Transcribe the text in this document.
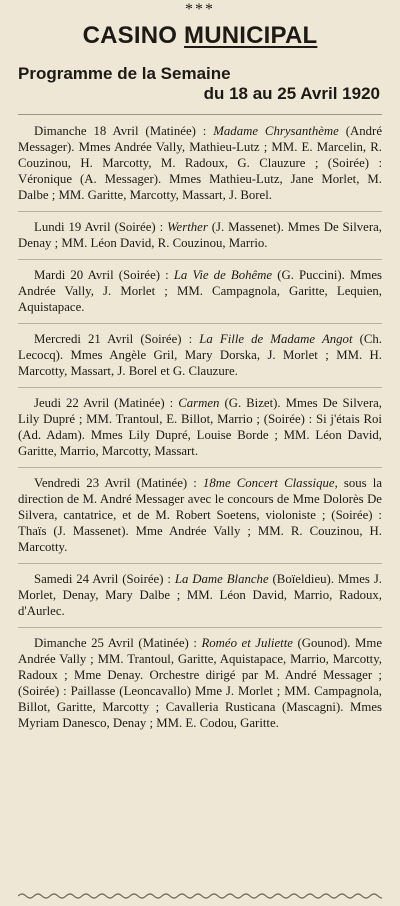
***
CASINO MUNICIPAL
Programme de la Semaine
du 18 au 25 Avril 1920

Dimanche 18 Avril (Matinée) : Madame Chrysanthème (André Messager). Mmes Andrée Vally, Mathieu-Lutz ; MM. E. Marcelin, R. Couzinou, H. Marcotty, M. Radoux, G. Clauzure ; (Soirée) : Véronique (A. Messager). Mmes Mathieu-Lutz, Jane Morlet, M. Dalbe ; MM. Garitte, Marcotty, Massart, J. Borel.

Lundi 19 Avril (Soirée) : Werther (J. Massenet). Mmes De Silvera, Denay ; MM. Léon David, R. Couzinou, Marrio.

Mardi 20 Avril (Soirée) : La Vie de Bohême (G. Puccini). Mmes Andrée Vally, J. Morlet ; MM. Campagnola, Garitte, Lequien, Aquistapace.

Mercredi 21 Avril (Soirée) : La Fille de Madame Angot (Ch. Lecocq). Mmes Angèle Gril, Mary Dorska, J. Morlet ; MM. H. Marcotty, Massart, J. Borel et G. Clauzure.

Jeudi 22 Avril (Matinée) : Carmen (G. Bizet). Mmes De Silvera, Lily Dupré ; MM. Trantoul, E. Billot, Marrio ; (Soirée) : Si j'étais Roi (Ad. Adam). Mmes Lily Dupré, Louise Borde ; MM. Léon David, Garitte, Marrio, Marcotty, Massart.

Vendredi 23 Avril (Matinée) : 18me Concert Classique, sous la direction de M. André Messager avec le concours de Mme Dolorès De Silvera, cantatrice, et de M. Robert Soetens, violoniste ; (Soirée) : Thaïs (J. Massenet). Mme Andrée Vally ; MM. R. Couzinou, H. Marcotty.

Samedi 24 Avril (Soirée) : La Dame Blanche (Boïeldieu). Mmes J. Morlet, Denay, Mary Dalbe ; MM. Léon David, Marrio, Radoux, d'Aurlec.

Dimanche 25 Avril (Matinée) : Roméo et Juliette (Gounod). Mme Andrée Vally ; MM. Trantoul, Garitte, Aquistapace, Marrio, Marcotty, Radoux ; Mme Denay. Orchestre dirigé par M. André Messager ; (Soirée) : Paillasse (Leoncavallo) Mme J. Morlet ; MM. Campagnola, Billot, Garitte, Marcotty ; Cavalleria Rusticana (Mascagni). Mmes Myriam Danesco, Denay ; MM. E. Codou, Garitte.
